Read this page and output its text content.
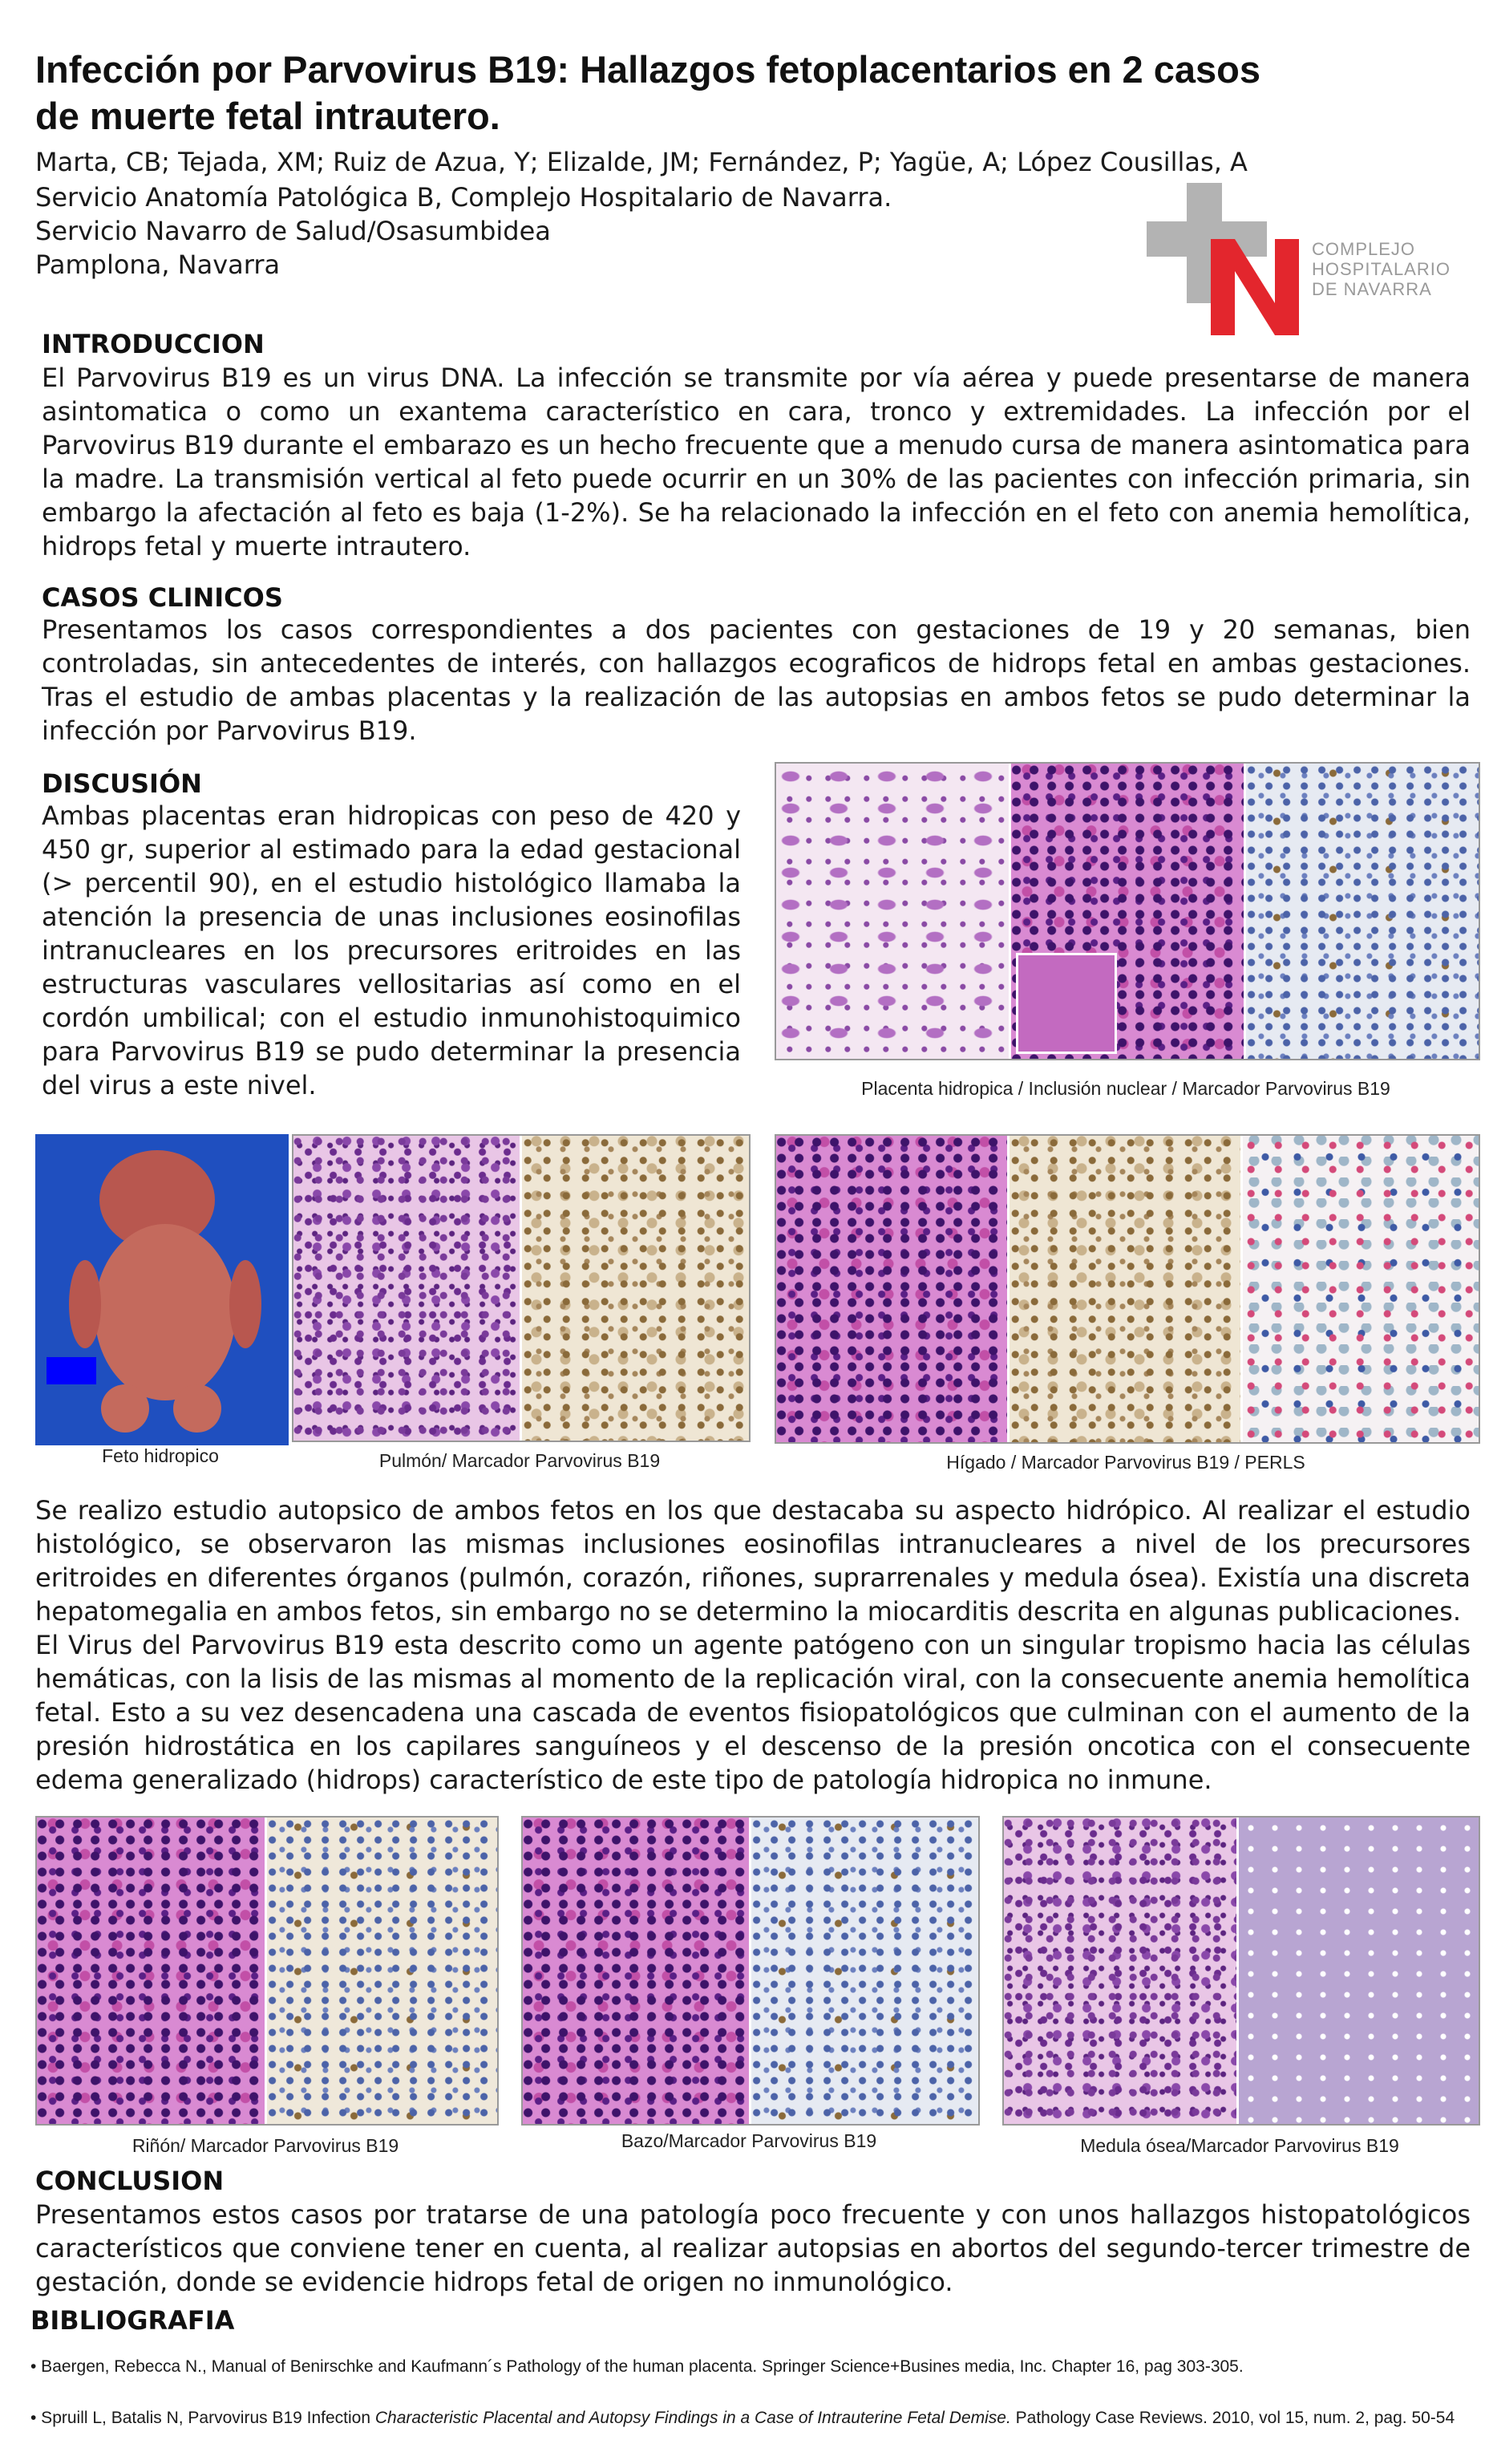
Infección por Parvovirus B19: Hallazgos fetoplacentarios en 2 casos
de muerte fetal intrautero.
Marta, CB; Tejada, XM; Ruiz de Azua, Y; Elizalde, JM; Fernández, P; Yagüe, A; López Cousillas, A
Servicio Anatomía Patológica B, Complejo Hospitalario de Navarra.
Servicio Navarro de Salud/Osasumbidea
Pamplona, Navarra
COMPLEJO
HOSPITALARIO
DE NAVARRA
INTRODUCCION
El Parvovirus B19 es un virus DNA. La infección se transmite por vía aérea y puede presentarse de manera asintomatica o como un exantema característico en cara, tronco y extremidades. La infección por el Parvovirus B19 durante el embarazo es un hecho frecuente que a menudo cursa de manera asintomatica para la madre. La transmisión vertical al feto puede ocurrir en un 30% de las pacientes con infección primaria, sin embargo la afectación al feto es baja (1-2%). Se ha relacionado la infección en el feto con anemia hemolítica, hidrops fetal y muerte intrautero.
CASOS CLINICOS
Presentamos los casos correspondientes a dos pacientes con gestaciones de 19 y 20 semanas, bien controladas, sin antecedentes de interés, con hallazgos ecograficos de hidrops fetal en ambas gestaciones. Tras el estudio de ambas placentas y la realización de las autopsias en ambos fetos se pudo determinar la infección por Parvovirus B19.
DISCUSIÓN
Ambas placentas eran hidropicas con peso de 420 y 450 gr, superior al estimado para la edad gestacional (> percentil 90), en el estudio histológico llamaba la atención la presencia de unas inclusiones eosinofilas intranucleares en los precursores eritroides en las estructuras vasculares vellositarias así como en el cordón umbilical; con el estudio inmunohistoquimico para Parvovirus B19 se pudo determinar la presencia del virus a este nivel.	Placenta hidropica / Inclusión nuclear / Marcador Parvovirus B19
Feto hidropico	Pulmón/ Marcador Parvovirus B19	Hígado / Marcador Parvovirus B19 / PERLS
Se realizo estudio autopsico de ambos fetos en los que destacaba su aspecto hidrópico. Al realizar el estudio histológico, se observaron las mismas inclusiones eosinofilas intranucleares a nivel de los precursores eritroides en diferentes órganos (pulmón, corazón, riñones, suprarrenales y medula ósea). Existía una discreta hepatomegalia en ambos fetos, sin embargo no se determino la miocarditis descrita en algunas publicaciones.
El Virus del Parvovirus B19 esta descrito como un agente patógeno con un singular tropismo hacia las células hemáticas, con la lisis de las mismas al momento de la replicación viral, con la consecuente anemia hemolítica fetal. Esto a su vez desencadena una cascada de eventos fisiopatológicos que culminan con el aumento de la presión hidrostática en los capilares sanguíneos y el descenso de la presión oncotica con el consecuente edema generalizado (hidrops) característico de este tipo de patología hidropica no inmune.
Riñón/ Marcador Parvovirus B19	Bazo/Marcador Parvovirus B19	Medula ósea/Marcador Parvovirus B19
CONCLUSION
Presentamos estos casos por tratarse de una patología poco frecuente y con unos hallazgos histopatológicos característicos que conviene tener en cuenta, al realizar autopsias en abortos del segundo-tercer trimestre de gestación, donde se evidencie hidrops fetal de origen no inmunológico.
BIBLIOGRAFIA
• Baergen, Rebecca N., Manual of Benirschke and Kaufmann´s Pathology of the human placenta. Springer Science+Busines media, Inc. Chapter 16, pag 303-305.
• Spruill L, Batalis N, Parvovirus B19 Infection Characteristic Placental and Autopsy Findings in a Case of Intrauterine Fetal Demise. Pathology Case Reviews. 2010, vol 15, num. 2, pag. 50-54
